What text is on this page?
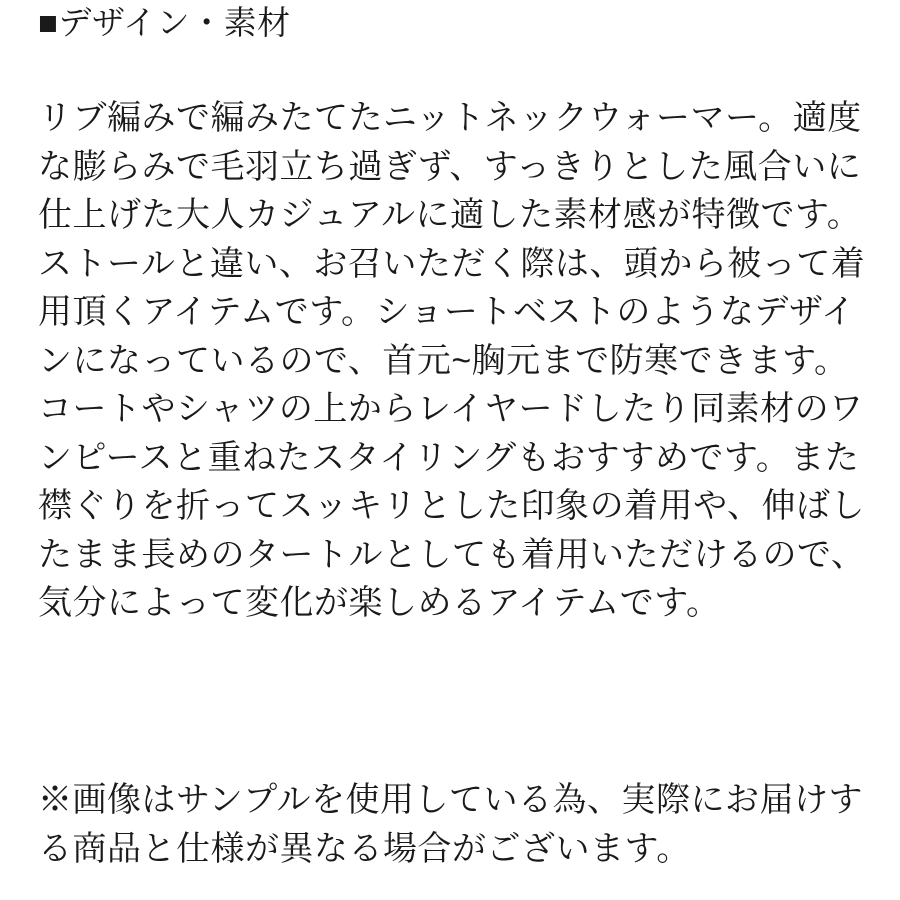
■デザイン・素材
リブ編みで編みたてたニットネックウォーマー。適度
な膨らみで毛羽立ち過ぎず、すっきりとした風合いに
仕上げた大人カジュアルに適した素材感が特徴です。
ストールと違い、お召いただく際は、頭から被って着
用頂くアイテムです。ショートベストのようなデザイ
ンになっているので、首元~胸元まで防寒できます。
コートやシャツの上からレイヤードしたり同素材のワ
ンピースと重ねたスタイリングもおすすめです。また
襟ぐりを折ってスッキリとした印象の着用や、伸ばし
たまま長めのタートルとしても着用いただけるので、
気分によって変化が楽しめるアイテムです。
※画像はサンプルを使用している為、実際にお届けす
る商品と仕様が異なる場合がございます。
